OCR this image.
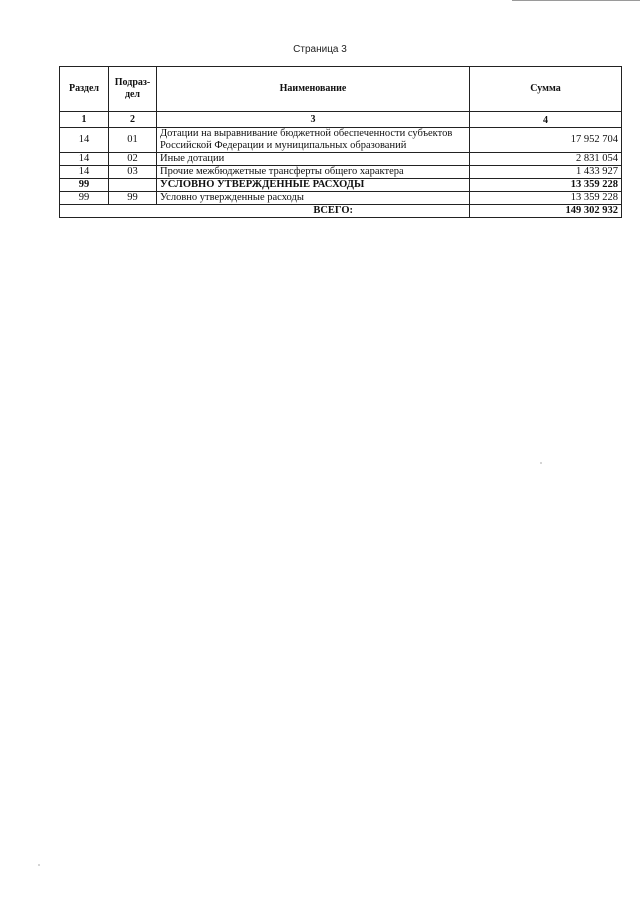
Страница 3
Раздел	Подраз-дел	Наименование	Сумма
1	2	3	4
14	01	Дотации на выравнивание бюджетной обеспеченности субъектов Российской Федерации и муниципальных образований	17 952 704
14	02	Иные дотации	2 831 054
14	03	Прочие межбюджетные трансферты общего характера	1 433 927
99		УСЛОВНО УТВЕРЖДЕННЫЕ РАСХОДЫ	13 359 228
99	99	Условно утвержденные расходы	13 359 228
ВСЕГО:			149 302 932
